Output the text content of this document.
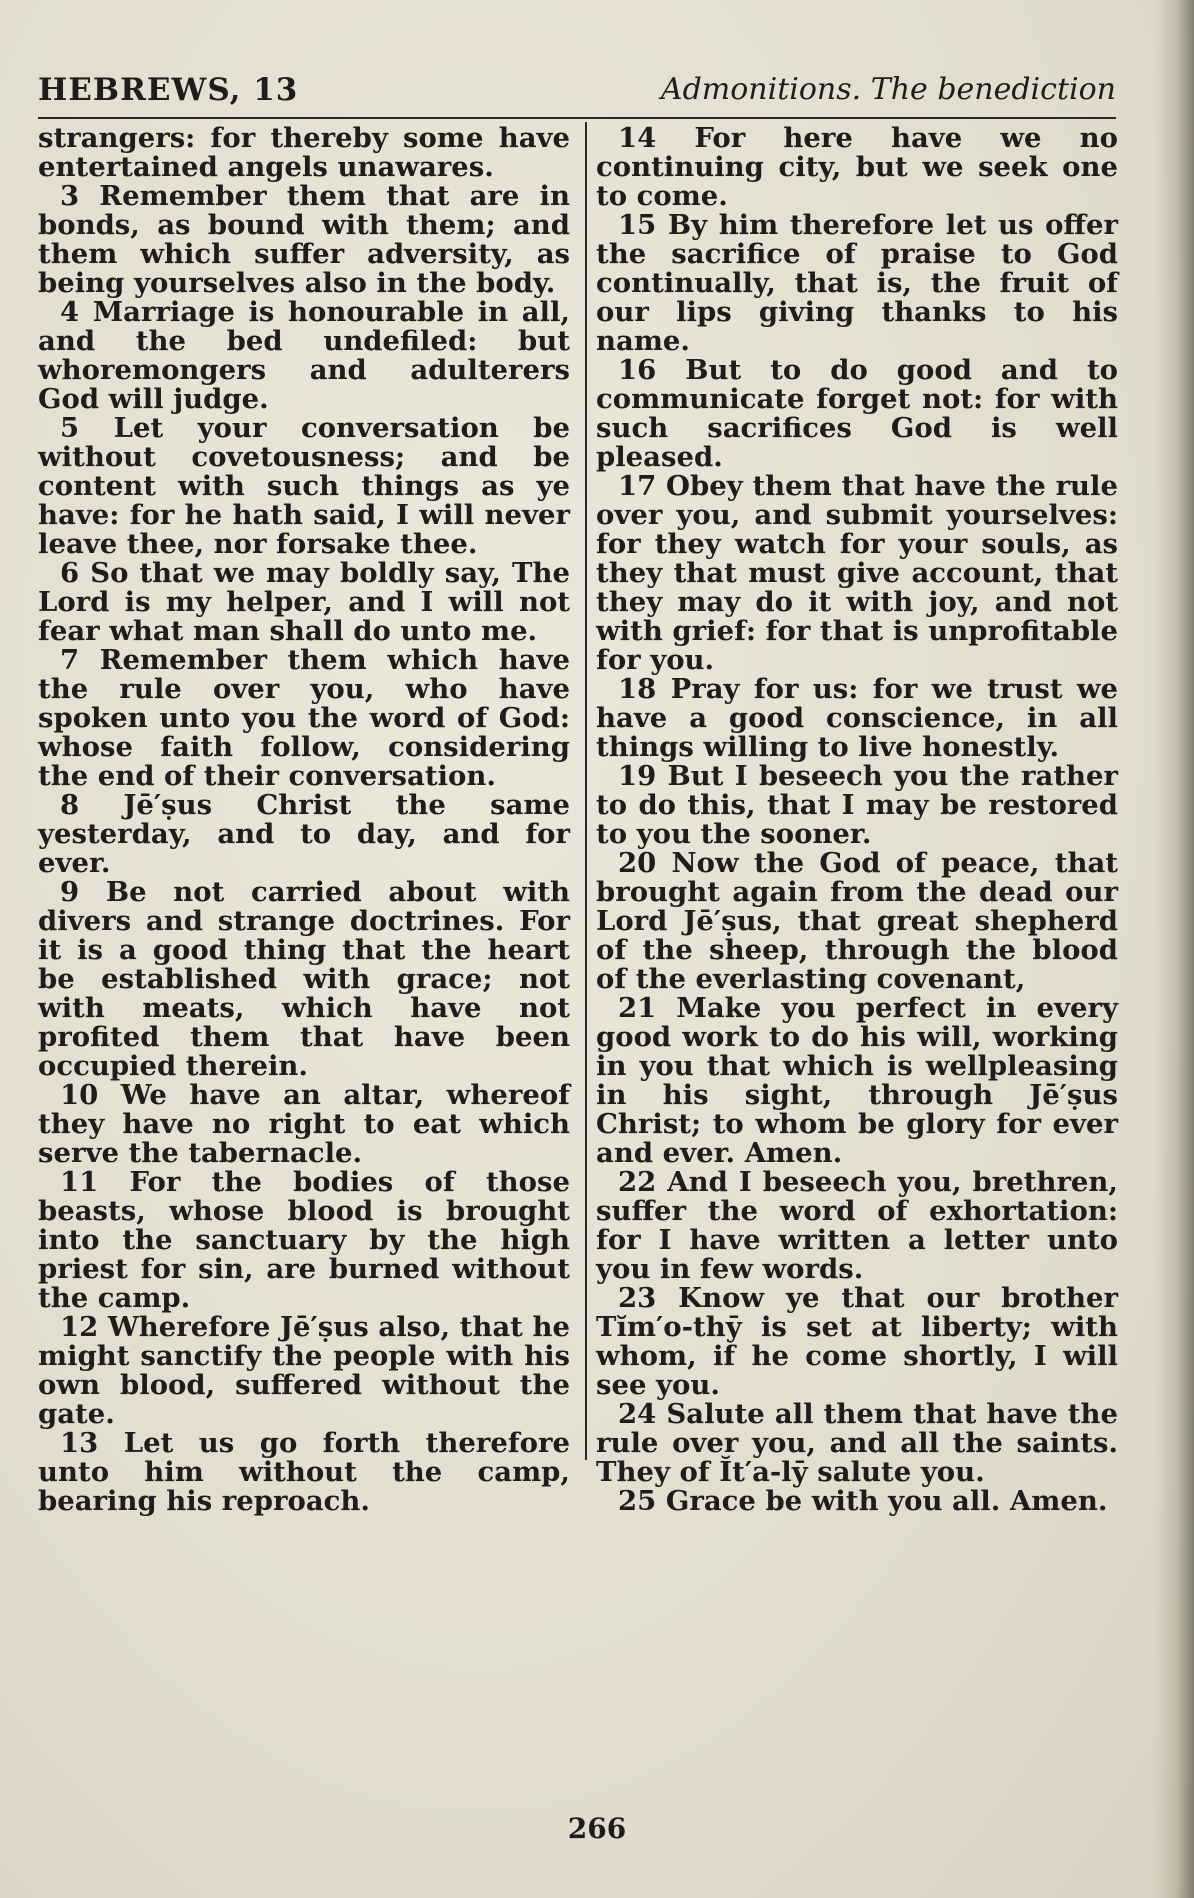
HEBREWS, 13	Admonitions. The benediction

strangers: for thereby some have entertained angels unawares.

3 Remember them that are in bonds, as bound with them; and them which suffer adversity, as being yourselves also in the body.

4 Marriage is honourable in all, and the bed undefiled: but whoremongers and adulterers God will judge.

5 Let your conversation be without covetousness; and be content with such things as ye have: for he hath said, I will never leave thee, nor forsake thee.

6 So that we may boldly say, The Lord is my helper, and I will not fear what man shall do unto me.

7 Remember them which have the rule over you, who have spoken unto you the word of God: whose faith follow, considering the end of their conversation.

8 Jē′ṣus Christ the same yesterday, and to day, and for ever.

9 Be not carried about with divers and strange doctrines. For it is a good thing that the heart be established with grace; not with meats, which have not profited them that have been occupied therein.

10 We have an altar, whereof they have no right to eat which serve the tabernacle.

11 For the bodies of those beasts, whose blood is brought into the sanctuary by the high priest for sin, are burned without the camp.

12 Wherefore Jē′ṣus also, that he might sanctify the people with his own blood, suffered without the gate.

13 Let us go forth therefore unto him without the camp, bearing his reproach.

14 For here have we no continuing city, but we seek one to come.

15 By him therefore let us offer the sacrifice of praise to God continually, that is, the fruit of our lips giving thanks to his name.

16 But to do good and to communicate forget not: for with such sacrifices God is well pleased.

17 Obey them that have the rule over you, and submit yourselves: for they watch for your souls, as they that must give account, that they may do it with joy, and not with grief: for that is unprofitable for you.

18 Pray for us: for we trust we have a good conscience, in all things willing to live honestly.

19 But I beseech you the rather to do this, that I may be restored to you the sooner.

20 Now the God of peace, that brought again from the dead our Lord Jē′ṣus, that great shepherd of the sheep, through the blood of the everlasting covenant,

21 Make you perfect in every good work to do his will, working in you that which is wellpleasing in his sight, through Jē′ṣus Christ; to whom be glory for ever and ever. Amen.

22 And I beseech you, brethren, suffer the word of exhortation: for I have written a letter unto you in few words.

23 Know ye that our brother Tĭm′o-thȳ is set at liberty; with whom, if he come shortly, I will see you.

24 Salute all them that have the rule over you, and all the saints. They of Ĭt′a-lȳ salute you.

25 Grace be with you all. Amen.

266
